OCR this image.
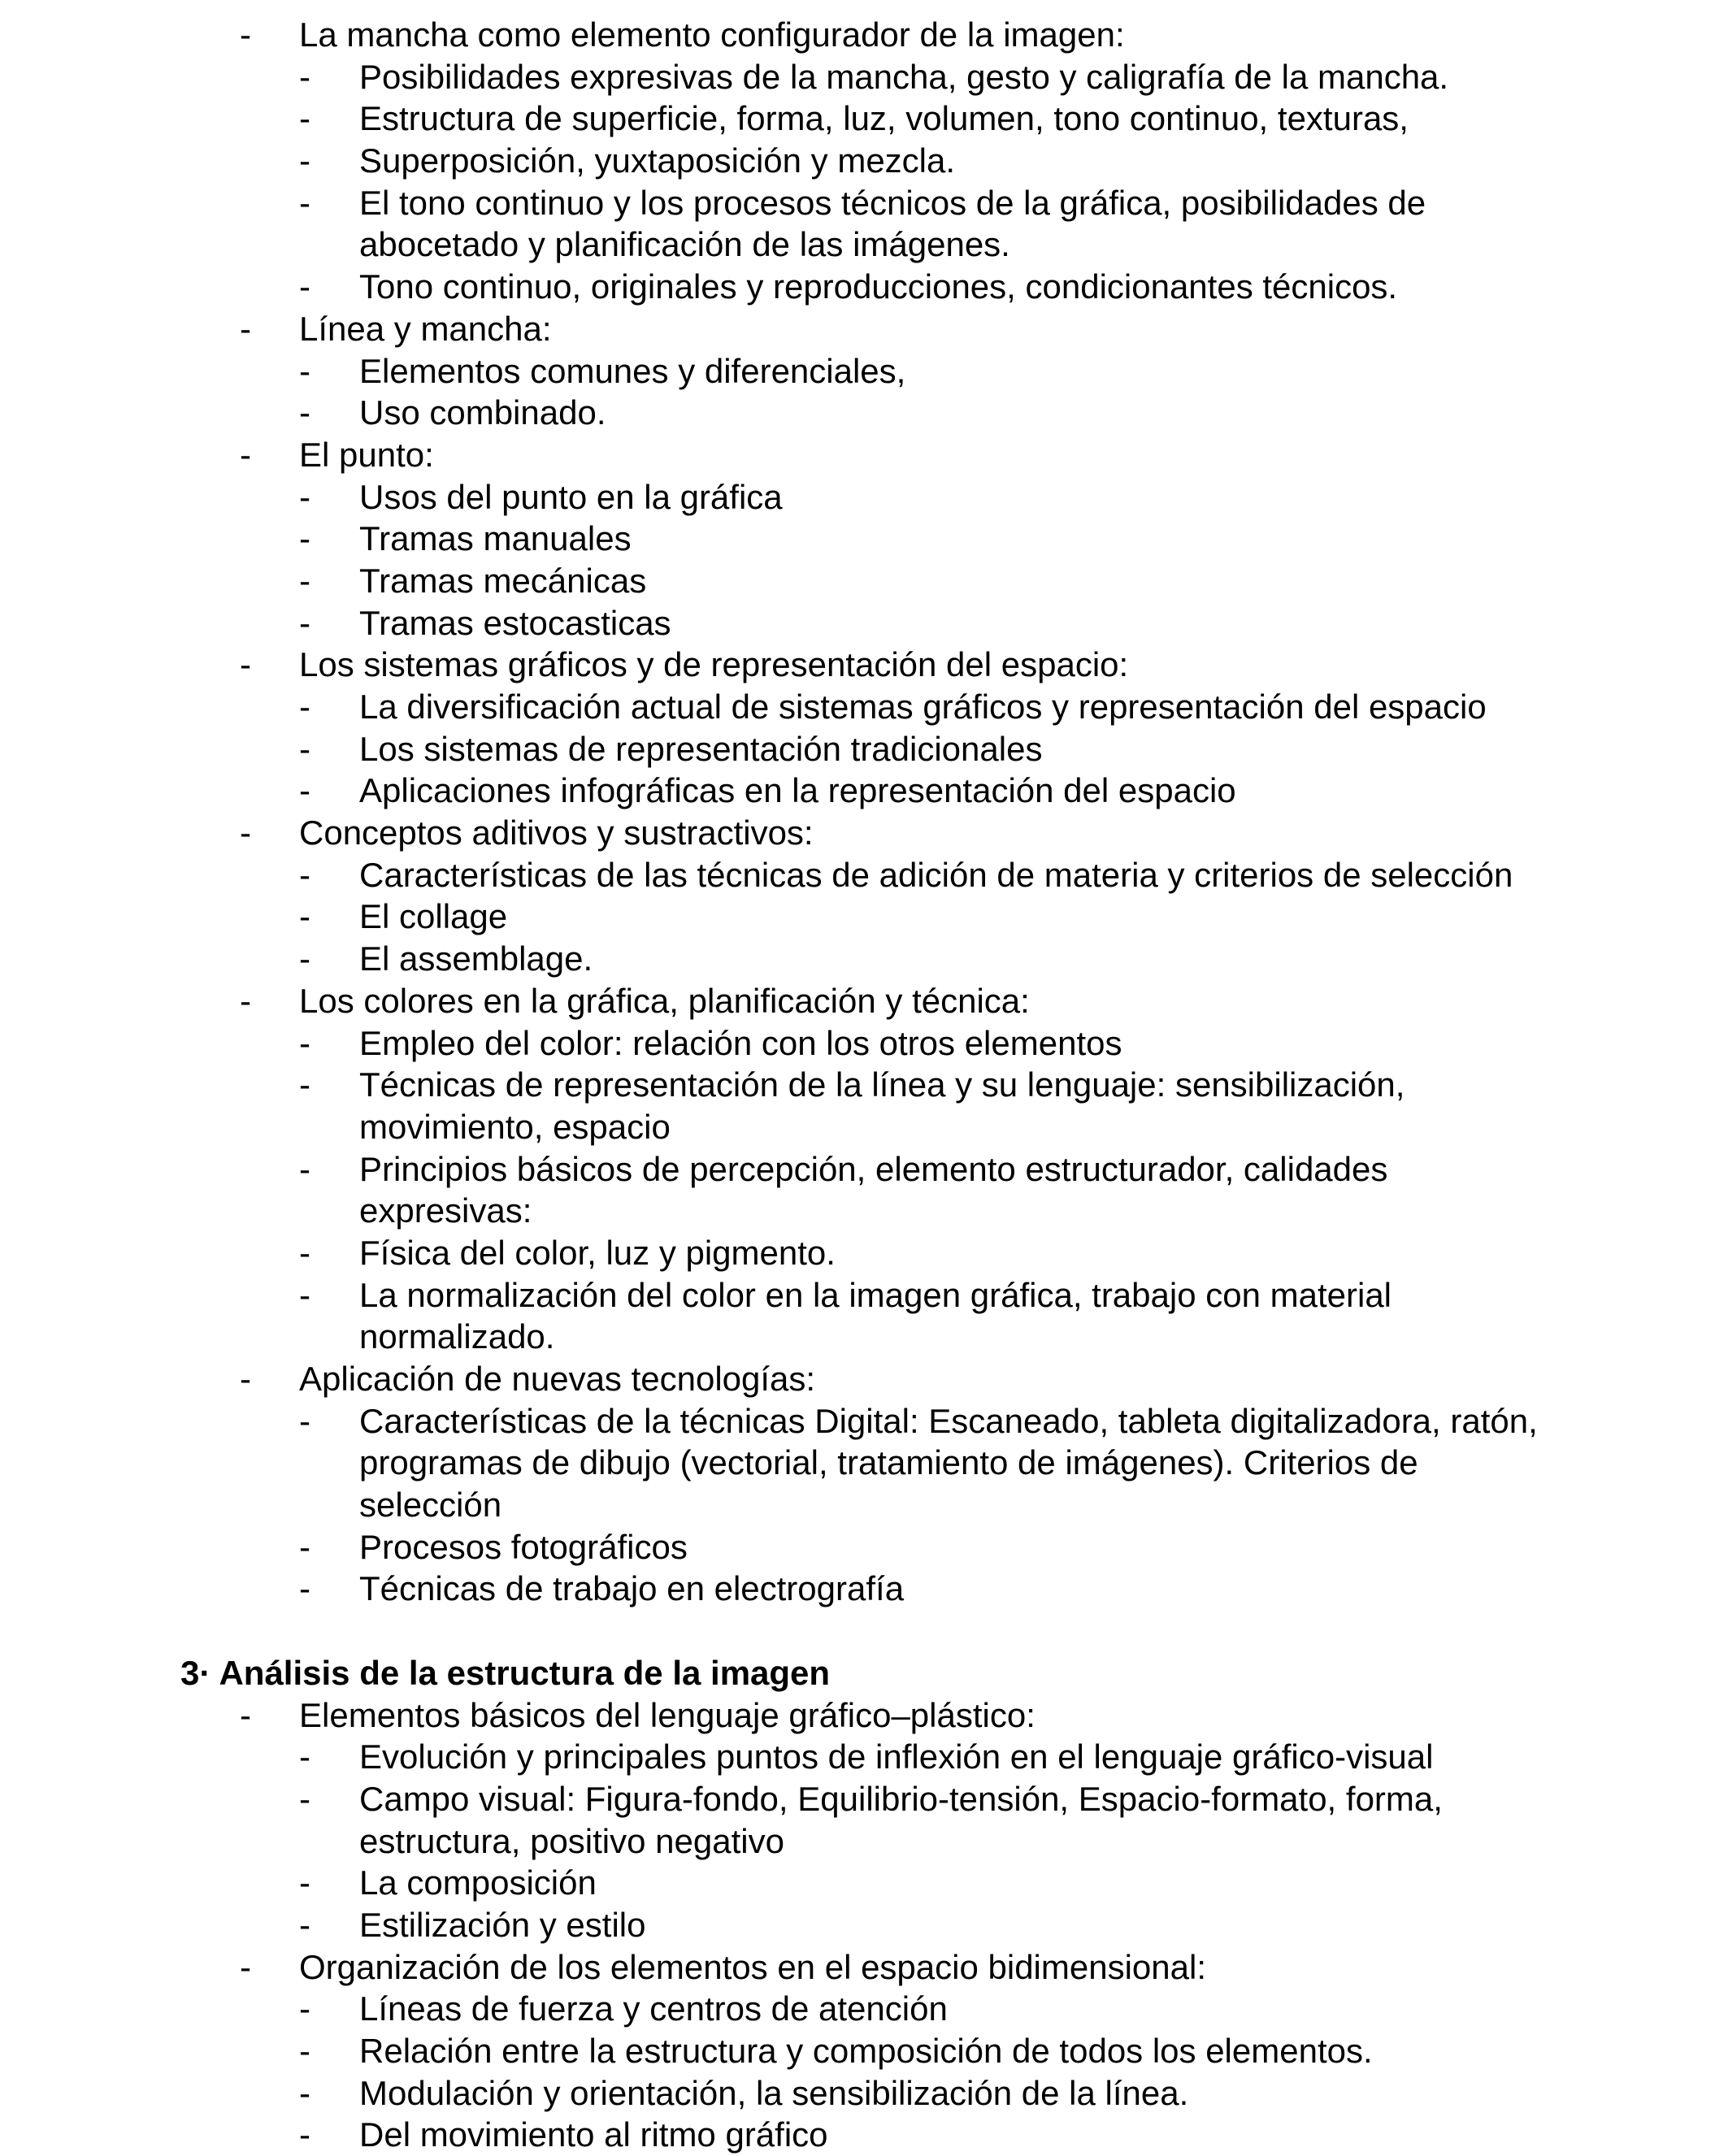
- La mancha como elemento configurador de la imagen:
- Posibilidades expresivas de la mancha, gesto y caligrafía de la mancha.
- Estructura de superficie, forma, luz, volumen, tono continuo, texturas,
- Superposición, yuxtaposición y mezcla.
- El tono continuo y los procesos técnicos de la gráfica, posibilidades de
abocetado y planificación de las imágenes.
- Tono continuo, originales y reproducciones, condicionantes técnicos.
- Línea y mancha:
- Elementos comunes y diferenciales,
- Uso combinado.
- El punto:
- Usos del punto en la gráfica
- Tramas manuales
- Tramas mecánicas
- Tramas estocasticas
- Los sistemas gráficos y de representación del espacio:
- La diversificación actual de sistemas gráficos y representación del espacio
- Los sistemas de representación tradicionales
- Aplicaciones infográficas en la representación del espacio
- Conceptos aditivos y sustractivos:
- Características de las técnicas de adición de materia y criterios de selección
- El collage
- El assemblage.
- Los colores en la gráfica, planificación y técnica:
- Empleo del color: relación con los otros elementos
- Técnicas de representación de la línea y su lenguaje: sensibilización,
movimiento, espacio
- Principios básicos de percepción, elemento estructurador, calidades
expresivas:
- Física del color, luz y pigmento.
- La normalización del color en la imagen gráfica, trabajo con material
normalizado.
- Aplicación de nuevas tecnologías:
- Características de la técnicas Digital: Escaneado, tableta digitalizadora, ratón,
programas de dibujo (vectorial, tratamiento de imágenes). Criterios de
selección
- Procesos fotográficos
- Técnicas de trabajo en electrografía
3· Análisis de la estructura de la imagen
- Elementos básicos del lenguaje gráfico–plástico:
- Evolución y principales puntos de inflexión en el lenguaje gráfico-visual
- Campo visual: Figura-fondo, Equilibrio-tensión, Espacio-formato, forma,
estructura, positivo negativo
- La composición
- Estilización y estilo
- Organización de los elementos en el espacio bidimensional:
- Líneas de fuerza y centros de atención
- Relación entre la estructura y composición de todos los elementos.
- Modulación y orientación, la sensibilización de la línea.
- Del movimiento al ritmo gráfico
